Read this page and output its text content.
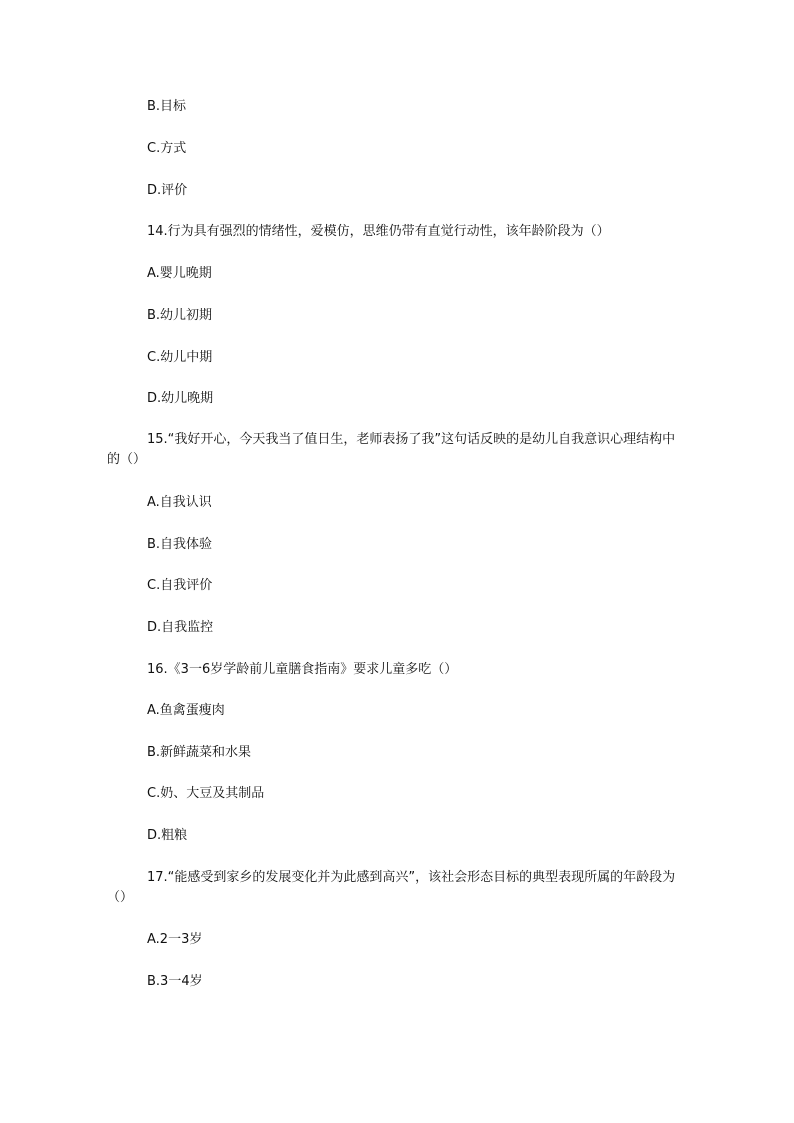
B.目标
C.方式
D.评价
14.行为具有强烈的情绪性，爱模仿，思维仍带有直觉行动性，该年龄阶段为（）
A.婴儿晚期
B.幼儿初期
C.幼儿中期
D.幼儿晚期
15.“我好开心，今天我当了值日生，老师表扬了我”这句话反映的是幼儿自我意识心理结构中的（）
A.自我认识
B.自我体验
C.自我评价
D.自我监控
16.《3一6岁学龄前儿童膳食指南》要求儿童多吃（）
A.鱼禽蛋瘦肉
B.新鲜蔬菜和水果
C.奶、大豆及其制品
D.粗粮
17.“能感受到家乡的发展变化并为此感到高兴”，该社会形态目标的典型表现所属的年龄段为（）
A.2一3岁
B.3一4岁
